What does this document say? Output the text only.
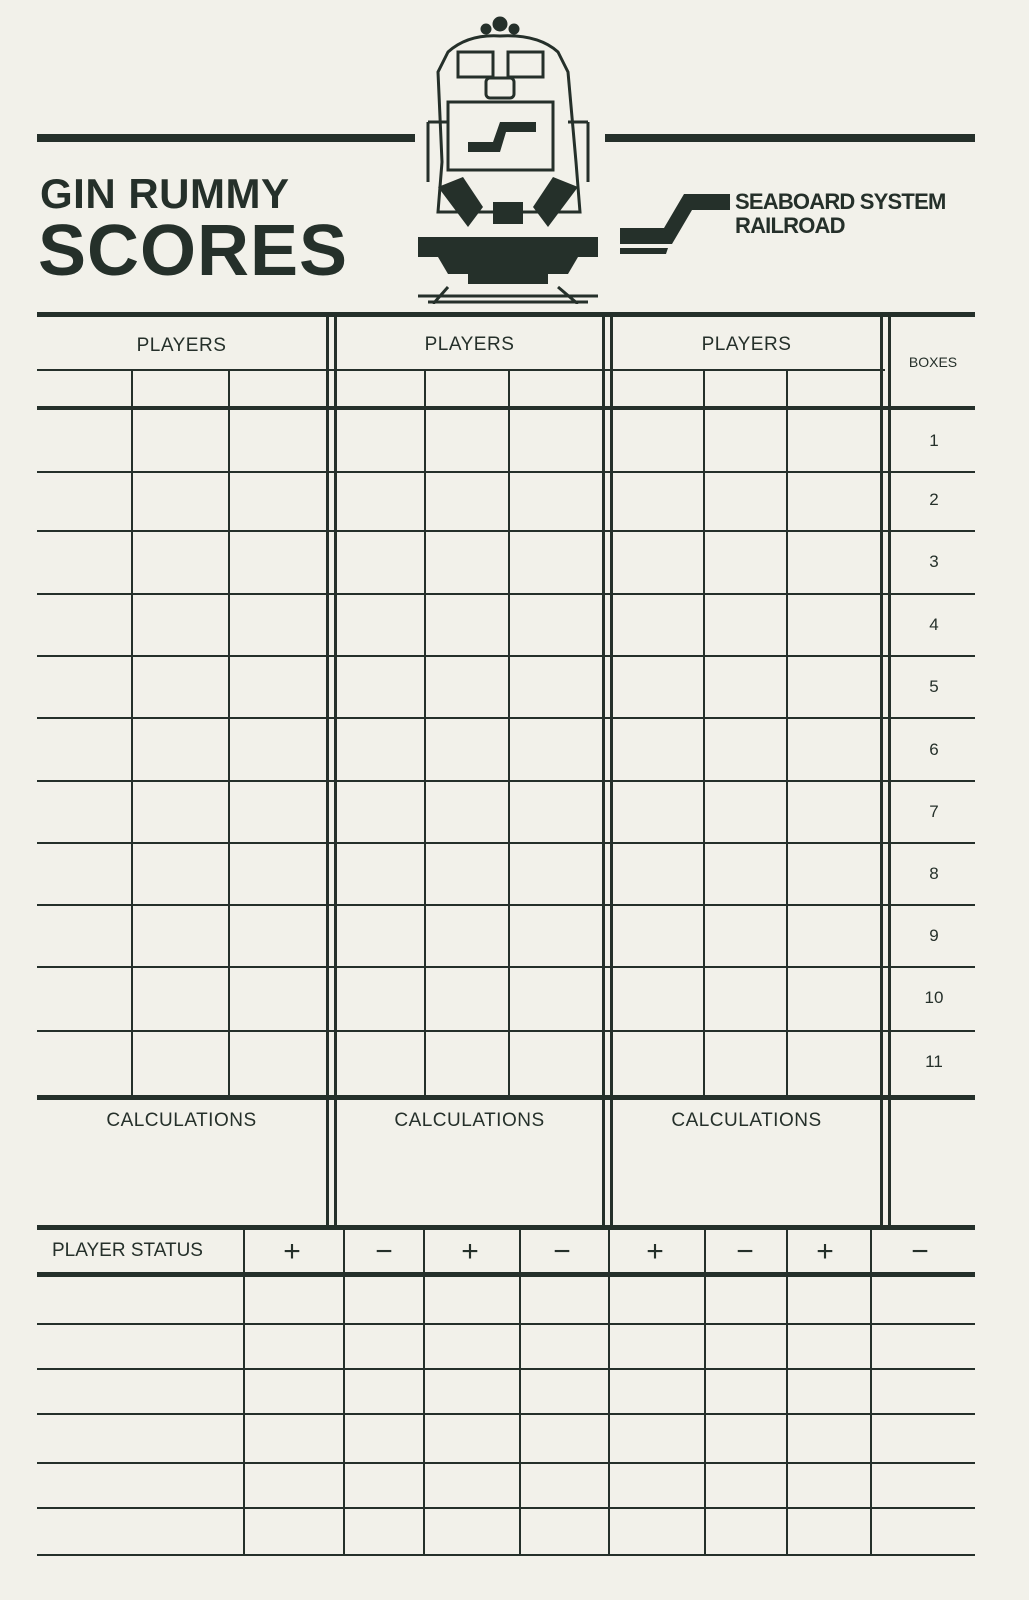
GIN RUMMY
SCORES
SEABOARD SYSTEM
RAILROAD
PLAYERS	PLAYERS	PLAYERS
BOXES
1
2
3
4
5
6
7
8
9
10
11
CALCULATIONS	CALCULATIONS	CALCULATIONS
PLAYER STATUS	+	−	+	−	+	−	+	−
